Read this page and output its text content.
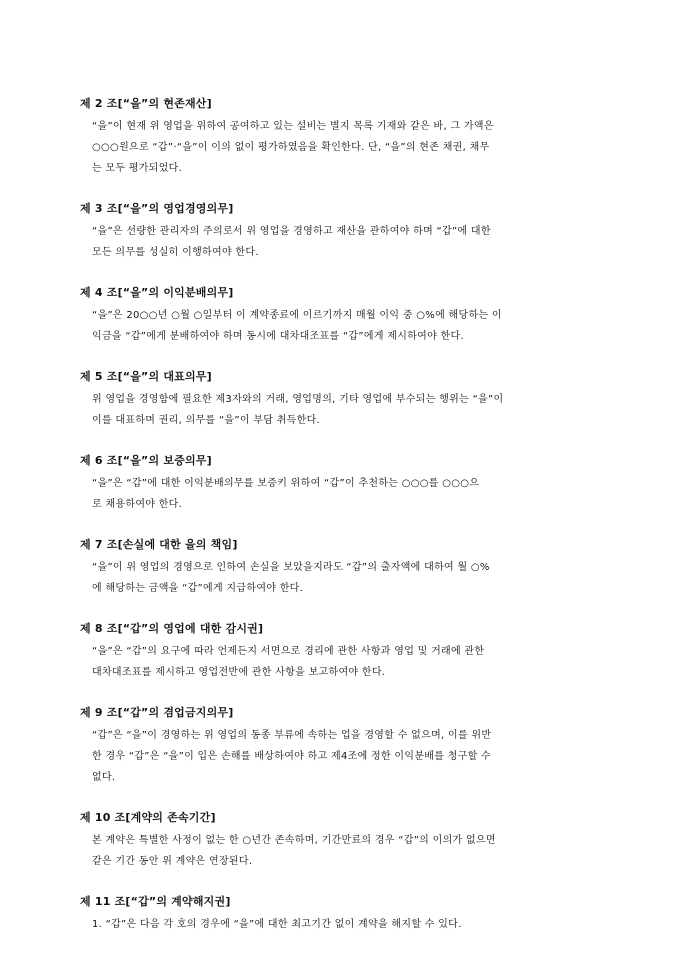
제 2 조[“을”의 현존재산]
“을”이 현재 위 영업을 위하여 공여하고 있는 설비는 별지 목록 기재와 같은 바, 그 가액은
○○○원으로 “갑”·“을”이 이의 없이 평가하였음을 확인한다. 단, “을”의 현존 채권, 채무
는 모두 평가되었다.
제 3 조[“을”의 영업경영의무]
“을”은 선량한 관리자의 주의로서 위 영업을 경영하고 재산을 관하여야 하며 “갑”에 대한
모든 의무를 성실히 이행하여야 한다.
제 4 조[“을”의 이익분배의무]
“을”은 20○○년 ○월 ○일부터 이 계약종료에 이르기까지 매월 이익 중 ○%에 해당하는 이
익금을 “갑”에게 분배하여야 하며 동시에 대차대조표를 “갑”에게 제시하여야 한다.
제 5 조[“을”의 대표의무]
위 영업을 경영함에 필요한 제3자와의 거래, 영업명의, 기타 영업에 부수되는 행위는 “을”이
이를 대표하며 권리, 의무를 “을”이 부담 취득한다.
제 6 조[“을”의 보증의무]
“을”은 “갑”에 대한 이익분배의무를 보증키 위하여 “갑”이 추천하는 ○○○를 ○○○으
로 채용하여야 한다.
제 7 조[손실에 대한 을의 책임]
“을”이 위 영업의 경영으로 인하여 손실을 보았을지라도 “갑”의 출자액에 대하여 월 ○%
에 해당하는 금액을 “갑”에게 지급하여야 한다.
제 8 조[“갑”의 영업에 대한 감시권]
“을”은 “갑”의 요구에 따라 언제든지 서면으로 경리에 관한 사항과 영업 및 거래에 관한
대차대조표를 제시하고 영업전반에 관한 사항을 보고하여야 한다.
제 9 조[“갑”의 겸업금지의무]
“갑”은 “을”이 경영하는 위 영업의 동종 부류에 속하는 업을 경영할 수 없으며, 이를 위반
한 경우 “갑”은 “을”이 입은 손해를 배상하여야 하고 제4조에 정한 이익분배를 청구할 수
없다.
제 10 조[계약의 존속기간]
본 계약은 특별한 사정이 없는 한 ○년간 존속하며, 기간만료의 경우 “갑”의 이의가 없으면
같은 기간 동안 위 계약은 연장된다.
제 11 조[“갑”의 계약해지권]
1. “갑”은 다음 각 호의 경우에 “을”에 대한 최고기간 없이 계약을 해지할 수 있다.
